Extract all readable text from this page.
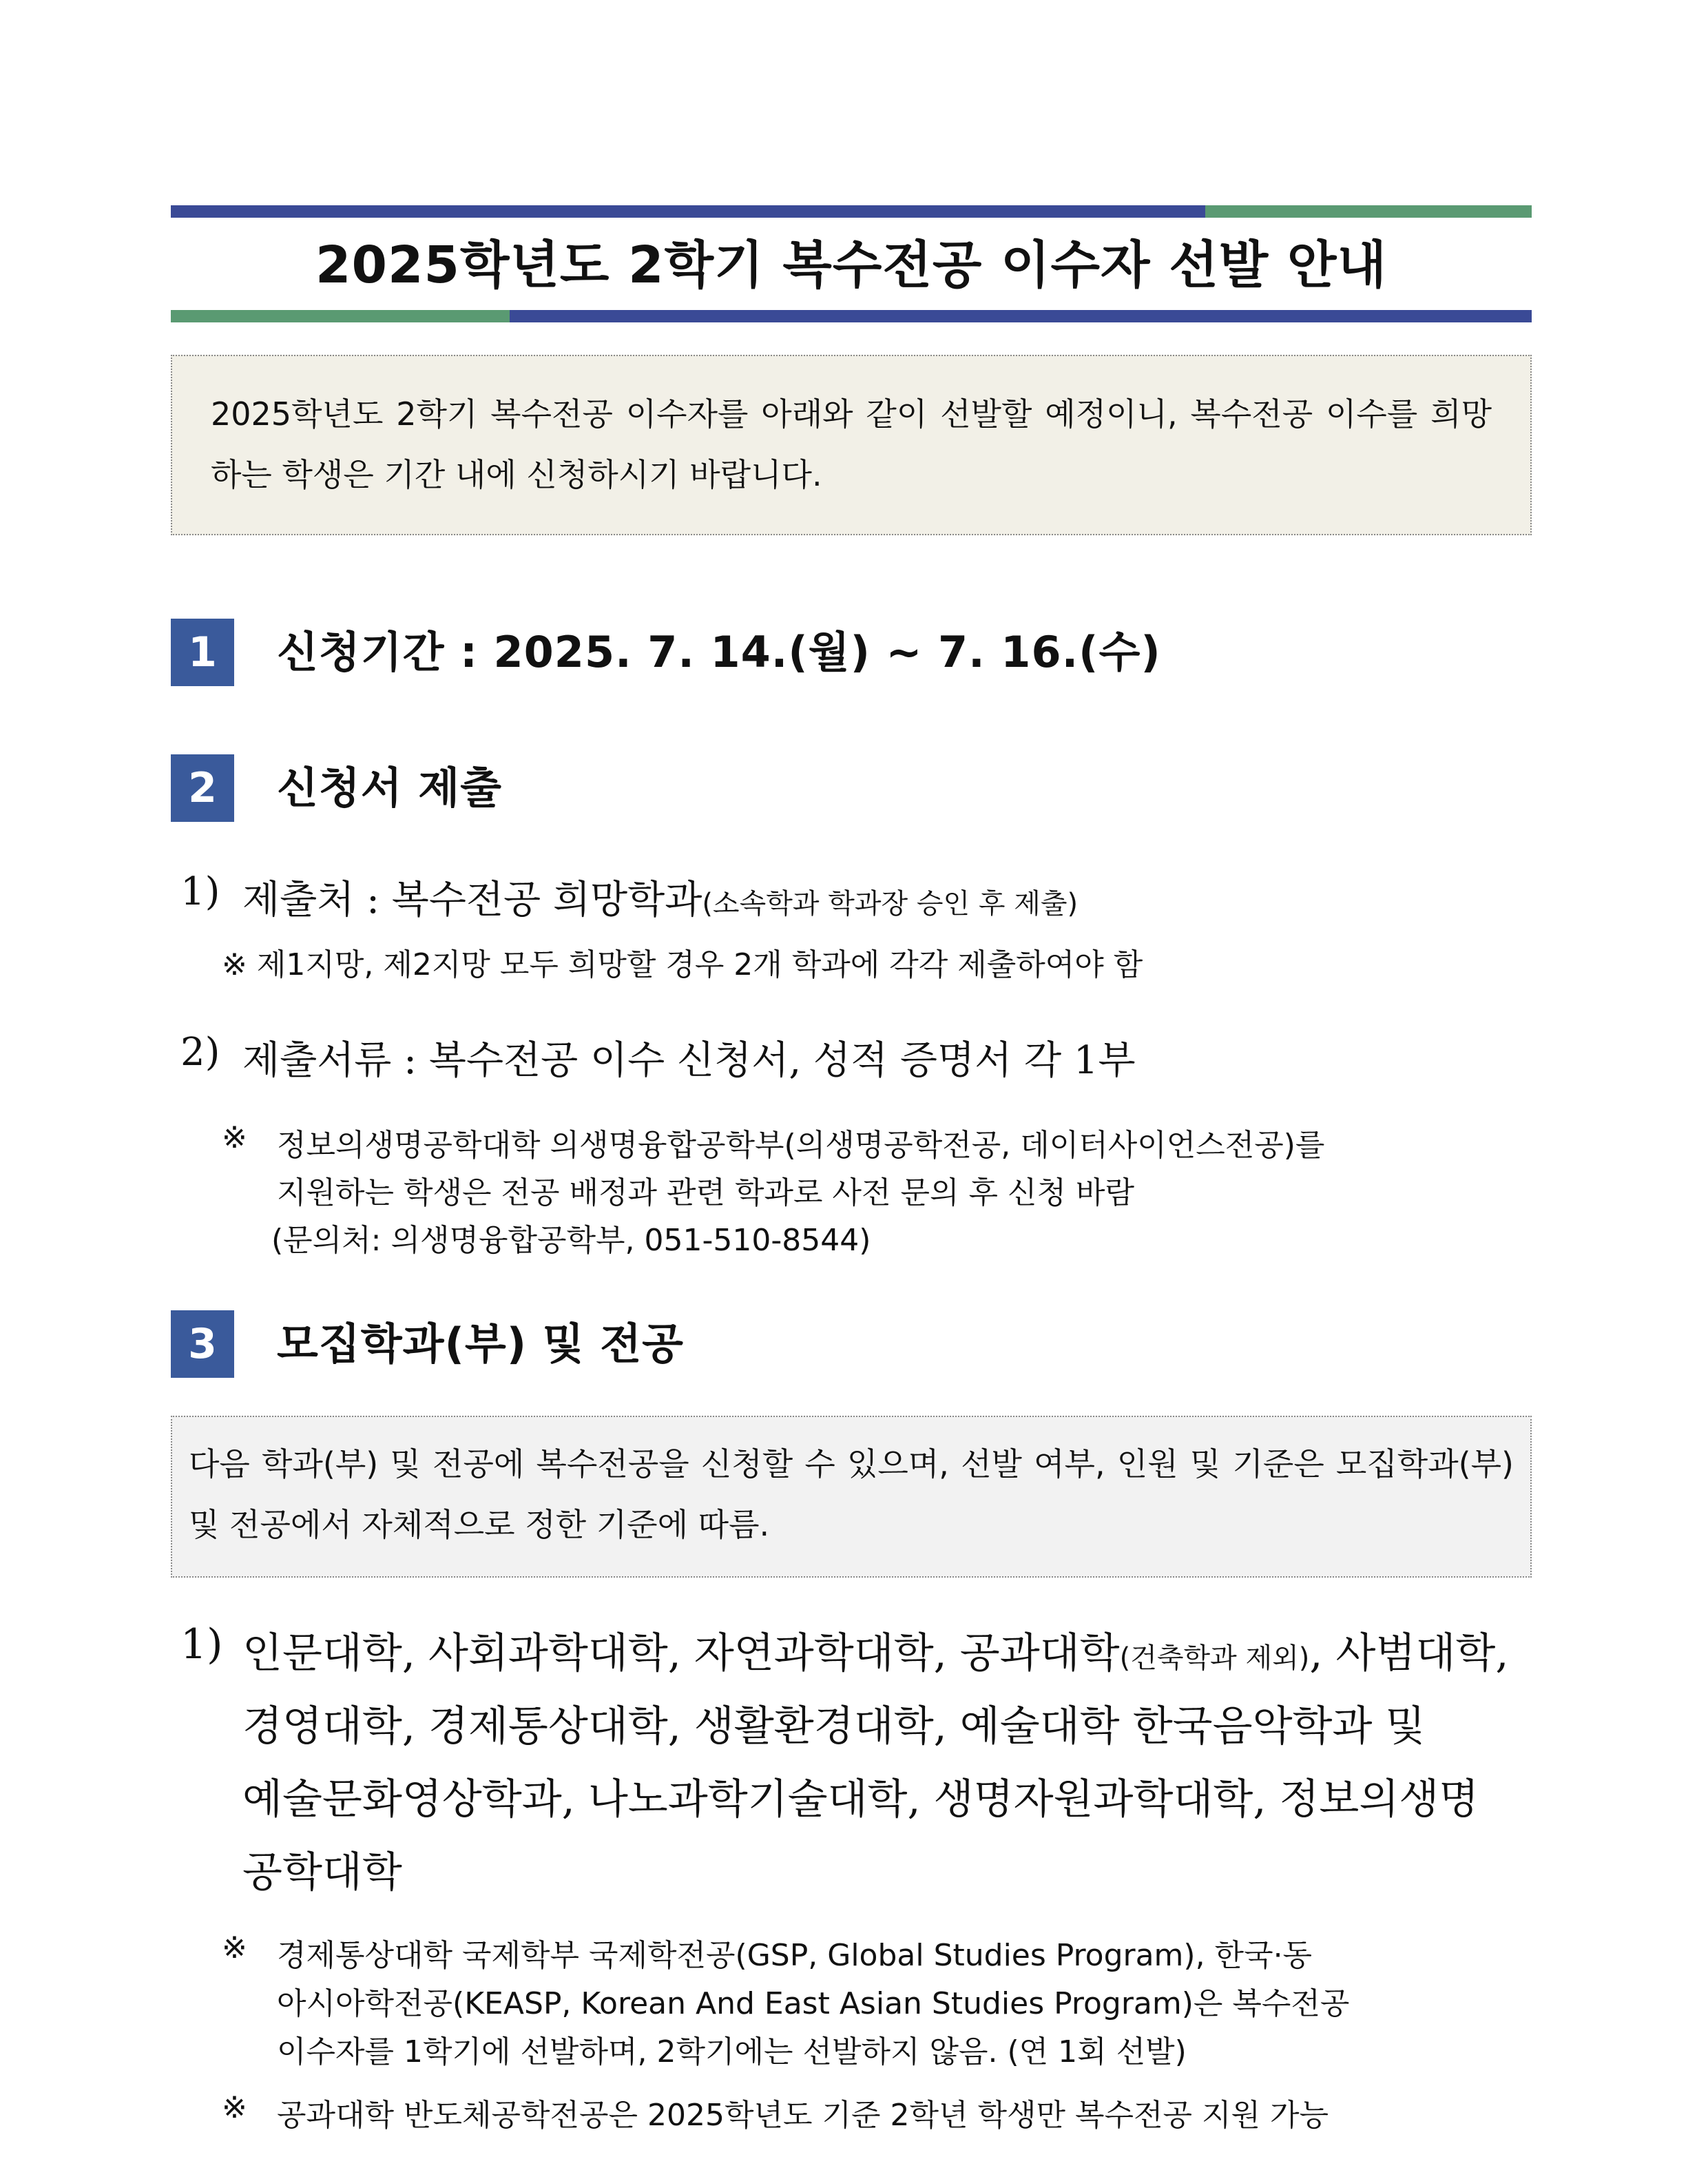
2025학년도 2학기 복수전공 이수자 선발 안내
2025학년도 2학기 복수전공 이수자를 아래와 같이 선발할 예정이니, 복수전공 이수를 희망하는 학생은 기간 내에 신청하시기 바랍니다.
1	신청기간 : 2025. 7. 14.(월) ~ 7. 16.(수)
2	신청서 제출
1) 제출처 : 복수전공 희망학과(소속학과 학과장 승인 후 제출)
※ 제1지망, 제2지망 모두 희망할 경우 2개 학과에 각각 제출하여야 함
2) 제출서류 : 복수전공 이수 신청서, 성적 증명서 각 1부
※ 정보의생명공학대학 의생명융합공학부(의생명공학전공, 데이터사이언스전공)를
지원하는 학생은 전공 배정과 관련 학과로 사전 문의 후 신청 바람
(문의처: 의생명융합공학부, 051-510-8544)
3	모집학과(부) 및 전공
다음 학과(부) 및 전공에 복수전공을 신청할 수 있으며, 선발 여부, 인원 및 기준은 모집학과(부) 및 전공에서 자체적으로 정한 기준에 따름.
1) 인문대학, 사회과학대학, 자연과학대학, 공과대학(건축학과 제외), 사범대학,
경영대학, 경제통상대학, 생활환경대학, 예술대학 한국음악학과 및
예술문화영상학과, 나노과학기술대학, 생명자원과학대학, 정보의생명
공학대학
※ 경제통상대학 국제학부 국제학전공(GSP, Global Studies Program), 한국·동
아시아학전공(KEASP, Korean And East Asian Studies Program)은 복수전공
이수자를 1학기에 선발하며, 2학기에는 선발하지 않음. (연 1회 선발)
※ 공과대학 반도체공학전공은 2025학년도 기준 2학년 학생만 복수전공 지원 가능
